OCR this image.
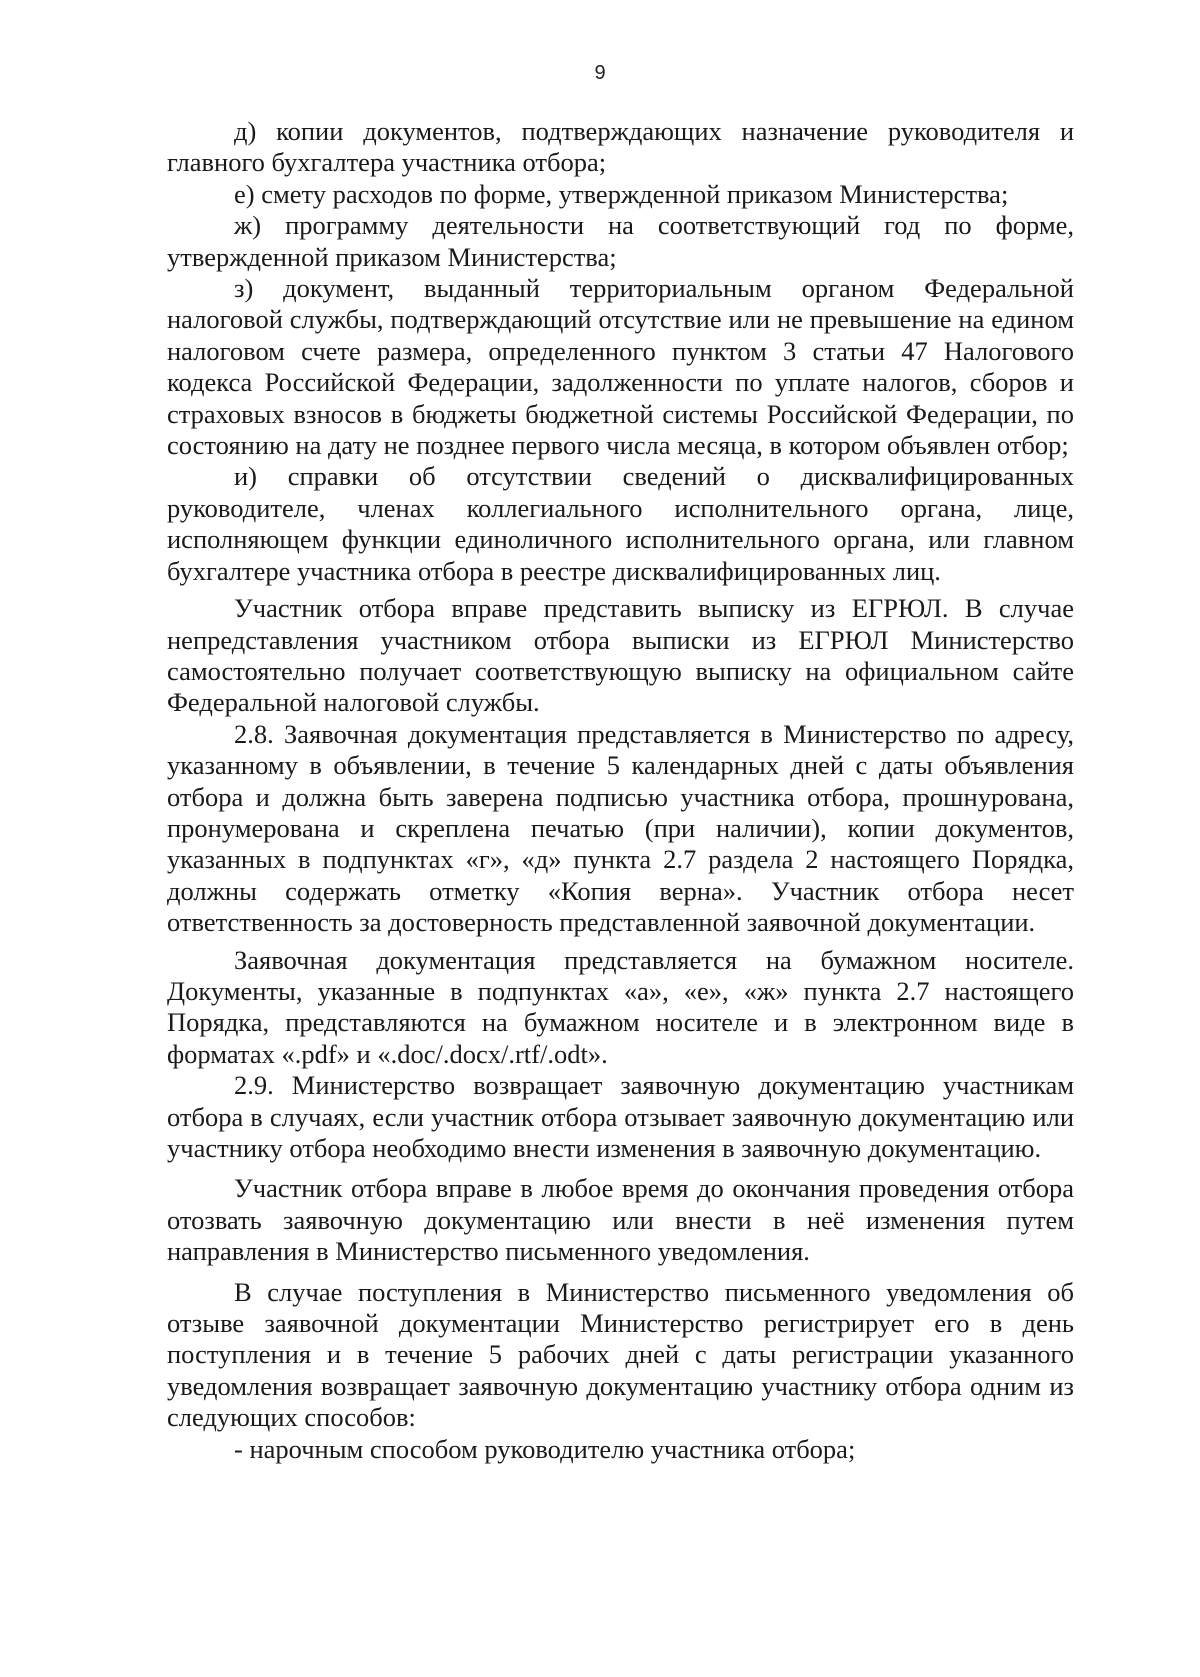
9

д) копии документов, подтверждающих назначение руководителя и главного бухгалтера участника отбора;

е) смету расходов по форме, утвержденной приказом Министерства;

ж) программу деятельности на соответствующий год по форме, утвержденной приказом Министерства;

з) документ, выданный территориальным органом Федеральной налоговой службы, подтверждающий отсутствие или не превышение на едином налоговом счете размера, определенного пунктом 3 статьи 47 Налогового кодекса Российской Федерации, задолженности по уплате налогов, сборов и страховых взносов в бюджеты бюджетной системы Российской Федерации, по состоянию на дату не позднее первого числа месяца, в котором объявлен отбор;

и) справки об отсутствии сведений о дисквалифицированных руководителе, членах коллегиального исполнительного органа, лице, исполняющем функции единоличного исполнительного органа, или главном бухгалтере участника отбора в реестре дисквалифицированных лиц.

Участник отбора вправе представить выписку из ЕГРЮЛ. В случае непредставления участником отбора выписки из ЕГРЮЛ Министерство самостоятельно получает соответствующую выписку на официальном сайте Федеральной налоговой службы.

2.8. Заявочная документация представляется в Министерство по адресу, указанному в объявлении, в течение 5 календарных дней с даты объявления отбора и должна быть заверена подписью участника отбора, прошнурована, пронумерована и скреплена печатью (при наличии), копии документов, указанных в подпунктах «г», «д» пункта 2.7 раздела 2 настоящего Порядка, должны содержать отметку «Копия верна». Участник отбора несет ответственность за достоверность представленной заявочной документации.

Заявочная документация представляется на бумажном носителе. Документы, указанные в подпунктах «а», «е», «ж» пункта 2.7 настоящего Порядка, представляются на бумажном носителе и в электронном виде в форматах «.pdf» и «.doc/.docx/.rtf/.odt».

2.9. Министерство возвращает заявочную документацию участникам отбора в случаях, если участник отбора отзывает заявочную документацию или участнику отбора необходимо внести изменения в заявочную документацию.

Участник отбора вправе в любое время до окончания проведения отбора отозвать заявочную документацию или внести в неё изменения путем направления в Министерство письменного уведомления.

В случае поступления в Министерство письменного уведомления об отзыве заявочной документации Министерство регистрирует его в день поступления и в течение 5 рабочих дней с даты регистрации указанного уведомления возвращает заявочную документацию участнику отбора одним из следующих способов:

- нарочным способом руководителю участника отбора;
